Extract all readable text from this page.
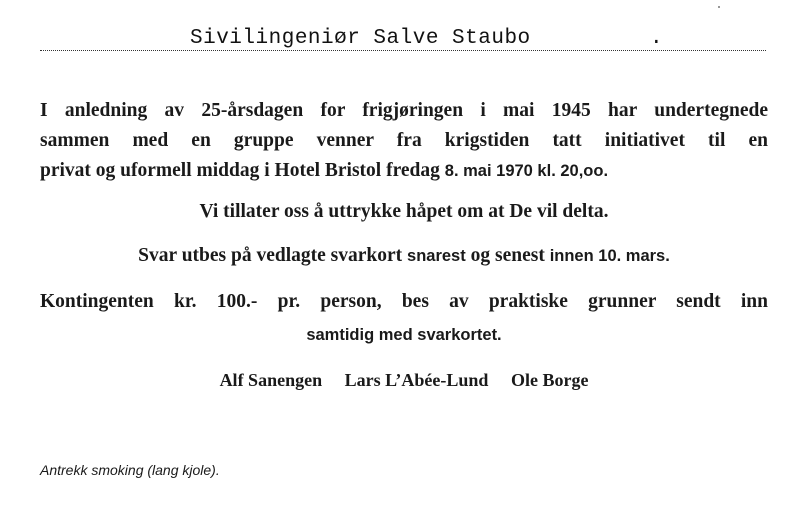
Sivilingeniør Salve Staubo	.
I anledning av 25-årsdagen for frigjøringen i mai 1945 har undertegnede
sammen med en gruppe venner fra krigstiden tatt initiativet til en
privat og uformell middag i Hotel Bristol fredag 8. mai 1970 kl. 20,oo.
Vi tillater oss å uttrykke håpet om at De vil delta.
Svar utbes på vedlagte svarkort snarest og senest innen 10. mars.
Kontingenten kr. 100.- pr. person, bes av praktiske grunner sendt inn
samtidig med svarkortet.
Alf Sanengen Lars L’Abée-Lund Ole Borge
Antrekk smoking (lang kjole).
